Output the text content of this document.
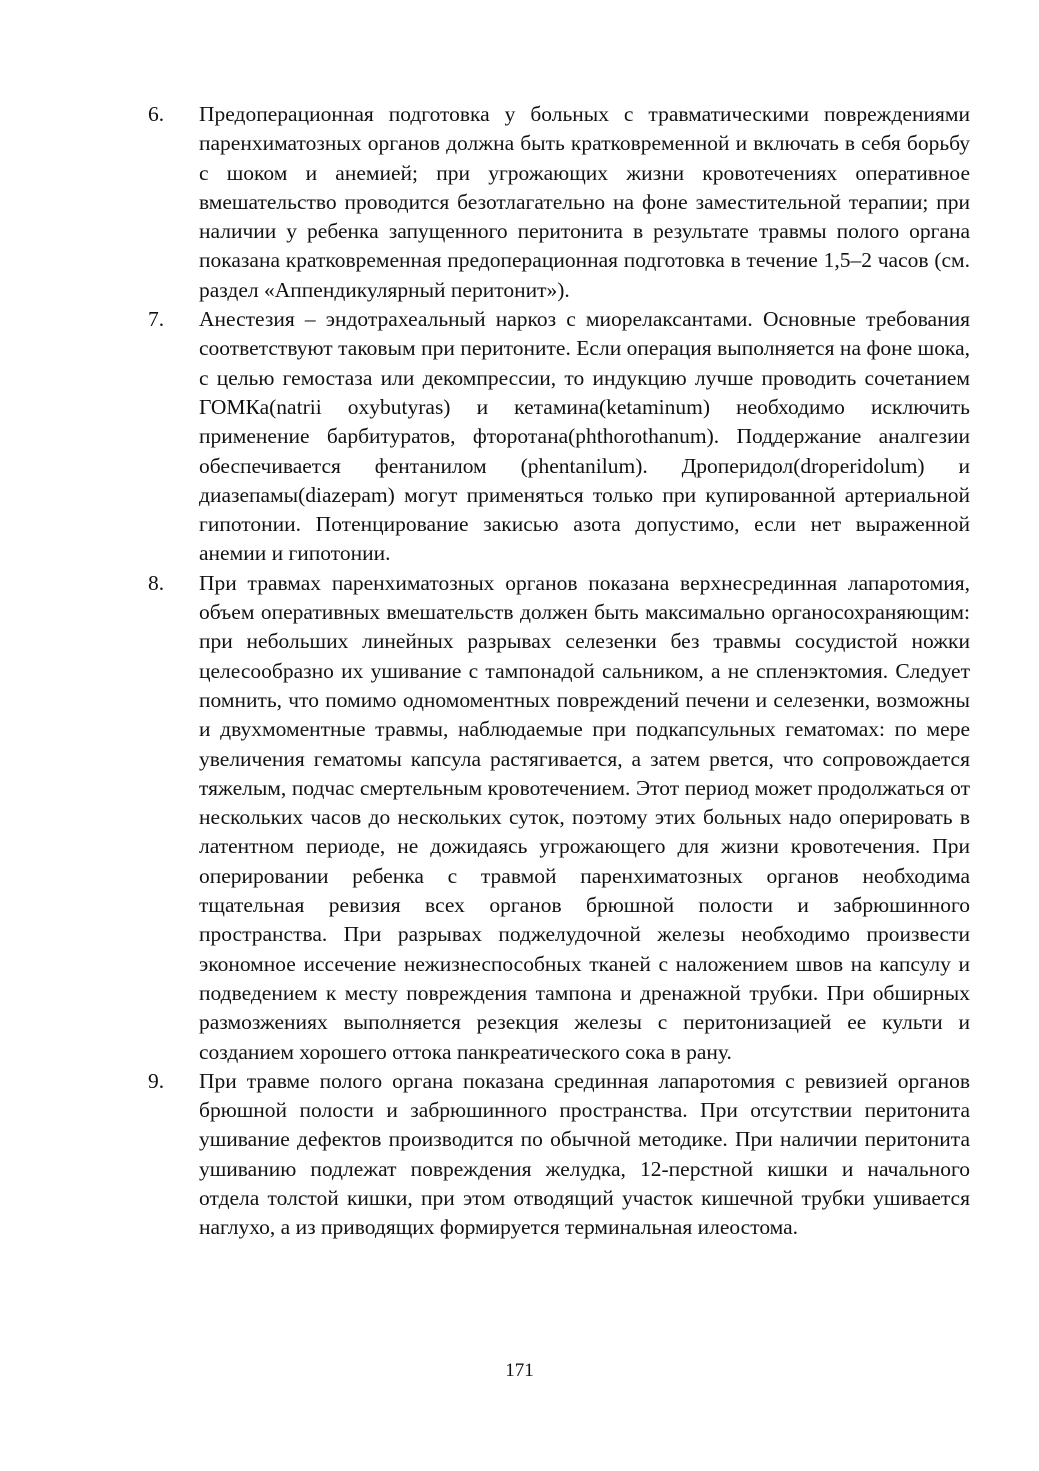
6.	Предоперационная подготовка у больных с травматическими повреждениями паренхиматозных органов должна быть кратковременной и включать в себя борьбу с шоком и анемией; при угрожающих жизни кровотечениях оперативное вмешательство проводится безотлагательно на фоне заместительной терапии; при наличии у ребенка запущенного перитонита в результате травмы полого органа показана кратковременная предоперационная подготовка в течение 1,5–2 часов (см. раздел «Аппендикулярный перитонит»).
7.	Анестезия – эндотрахеальный наркоз с миорелаксантами. Основные требования соответствуют таковым при перитоните. Если операция выполняется на фоне шока, с целью гемостаза или декомпрессии, то индукцию лучше проводить сочетанием ГОМКа(natrii oxybutyras) и кетамина(ketaminum) необходимо исключить применение барбитуратов, фторотана(phthorothanum). Поддержание аналгезии обеспечивается фентанилом (phentanilum). Дроперидол(droperidolum) и диазепамы(diazepam) могут применяться только при купированной артериальной гипотонии. Потенцирование закисью азота допустимо, если нет выраженной анемии и гипотонии.
8.	При травмах паренхиматозных органов показана верхнесрединная лапаротомия, объем оперативных вмешательств должен быть максимально органосохраняющим: при небольших линейных разрывах селезенки без травмы сосудистой ножки целесообразно их ушивание с тампонадой сальником, а не спленэктомия. Следует помнить, что помимо одномоментных повреждений печени и селезенки, возможны и двухмоментные травмы, наблюдаемые при подкапсульных гематомах: по мере увеличения гематомы капсула растягивается, а затем рвется, что сопровождается тяжелым, подчас смертельным кровотечением. Этот период может продолжаться от нескольких часов до нескольких суток, поэтому этих больных надо оперировать в латентном периоде, не дожидаясь угрожающего для жизни кровотечения. При оперировании ребенка с травмой паренхиматозных органов необходима тщательная ревизия всех органов брюшной полости и забрюшинного пространства. При разрывах поджелудочной железы необходимо произвести экономное иссечение нежизнеспособных тканей с наложением швов на капсулу и подведением к месту повреждения тампона и дренажной трубки. При обширных размозжениях выполняется резекция железы с перитонизацией ее культи и созданием хорошего оттока панкреатического сока в рану.
9.	При травме полого органа показана срединная лапаротомия с ревизией органов брюшной полости и забрюшинного пространства. При отсутствии перитонита ушивание дефектов производится по обычной методике. При наличии перитонита ушиванию подлежат повреждения желудка, 12-перстной кишки и начального отдела толстой кишки, при этом отводящий участок кишечной трубки ушивается наглухо, а из приводящих формируется терминальная илеостома.
171
